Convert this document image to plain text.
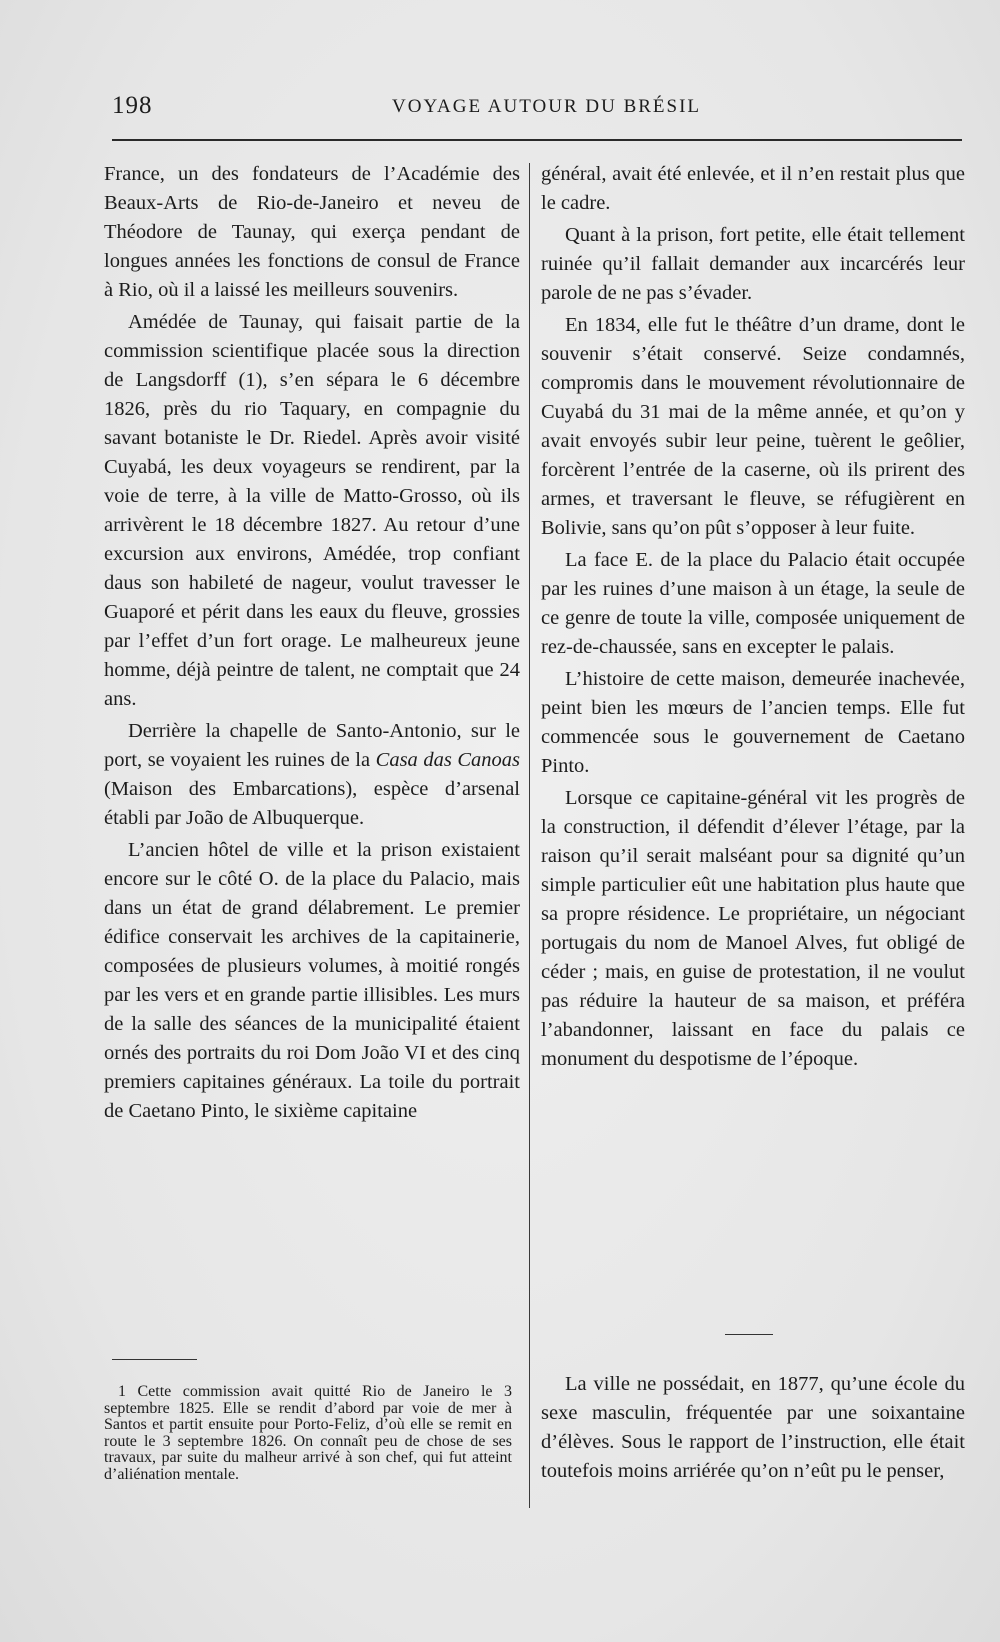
198	VOYAGE AUTOUR DU BRÉSIL

France, un des fondateurs de l’Académie des Beaux-Arts de Rio-de-Janeiro et neveu de Théodore de Taunay, qui exerça pendant de longues années les fonctions de consul de France à Rio, où il a laissé les meilleurs souvenirs.

Amédée de Taunay, qui faisait partie de la commission scientifique placée sous la direction de Langsdorff (1), s’en sépara le 6 décembre 1826, près du rio Taquary, en compagnie du savant botaniste le Dr. Riedel. Après avoir visité Cuyabá, les deux voyageurs se rendirent, par la voie de terre, à la ville de Matto-Grosso, où ils arrivèrent le 18 décembre 1827. Au retour d’une excursion aux environs, Amédée, trop confiant daus son habileté de nageur, voulut travesser le Guaporé et périt dans les eaux du fleuve, grossies par l’effet d’un fort orage. Le malheureux jeune homme, déjà peintre de talent, ne comptait que 24 ans.

Derrière la chapelle de Santo-Antonio, sur le port, se voyaient les ruines de la Casa das Canoas (Maison des Embarcations), espèce d’arsenal établi par João de Albuquerque.

L’ancien hôtel de ville et la prison existaient encore sur le côté O. de la place du Palacio, mais dans un état de grand délabrement. Le premier édifice conservait les archives de la capitainerie, composées de plusieurs volumes, à moitié rongés par les vers et en grande partie illisibles. Les murs de la salle des séances de la municipalité étaient ornés des portraits du roi Dom João VI et des cinq premiers capitaines généraux. La toile du portrait de Caetano Pinto, le sixième capitaine

1 Cette commission avait quitté Rio de Janeiro le 3 septembre 1825. Elle se rendit d’abord par voie de mer à Santos et partit ensuite pour Porto-Feliz, d’où elle se remit en route le 3 septembre 1826. On connaît peu de chose de ses travaux, par suite du malheur arrivé à son chef, qui fut atteint d’aliénation mentale.

général, avait été enlevée, et il n’en restait plus que le cadre.

Quant à la prison, fort petite, elle était tellement ruinée qu’il fallait demander aux incarcérés leur parole de ne pas s’évader.

En 1834, elle fut le théâtre d’un drame, dont le souvenir s’était conservé. Seize condamnés, compromis dans le mouvement révolutionnaire de Cuyabá du 31 mai de la même année, et qu’on y avait envoyés subir leur peine, tuèrent le geôlier, forcèrent l’entrée de la caserne, où ils prirent des armes, et traversant le fleuve, se réfugièrent en Bolivie, sans qu’on pût s’opposer à leur fuite.

La face E. de la place du Palacio était occupée par les ruines d’une maison à un étage, la seule de ce genre de toute la ville, composée uniquement de rez-de-chaussée, sans en excepter le palais.

L’histoire de cette maison, demeurée inachevée, peint bien les mœurs de l’ancien temps. Elle fut commencée sous le gouvernement de Caetano Pinto.

Lorsque ce capitaine-général vit les progrès de la construction, il défendit d’élever l’étage, par la raison qu’il serait malséant pour sa dignité qu’un simple particulier eût une habitation plus haute que sa propre résidence. Le propriétaire, un négociant portugais du nom de Manoel Alves, fut obligé de céder ; mais, en guise de protestation, il ne voulut pas réduire la hauteur de sa maison, et préféra l’abandonner, laissant en face du palais ce monument du despotisme de l’époque.

La ville ne possédait, en 1877, qu’une école du sexe masculin, fréquentée par une soixantaine d’élèves. Sous le rapport de l’instruction, elle était toutefois moins arriérée qu’on n’eût pu le penser,
